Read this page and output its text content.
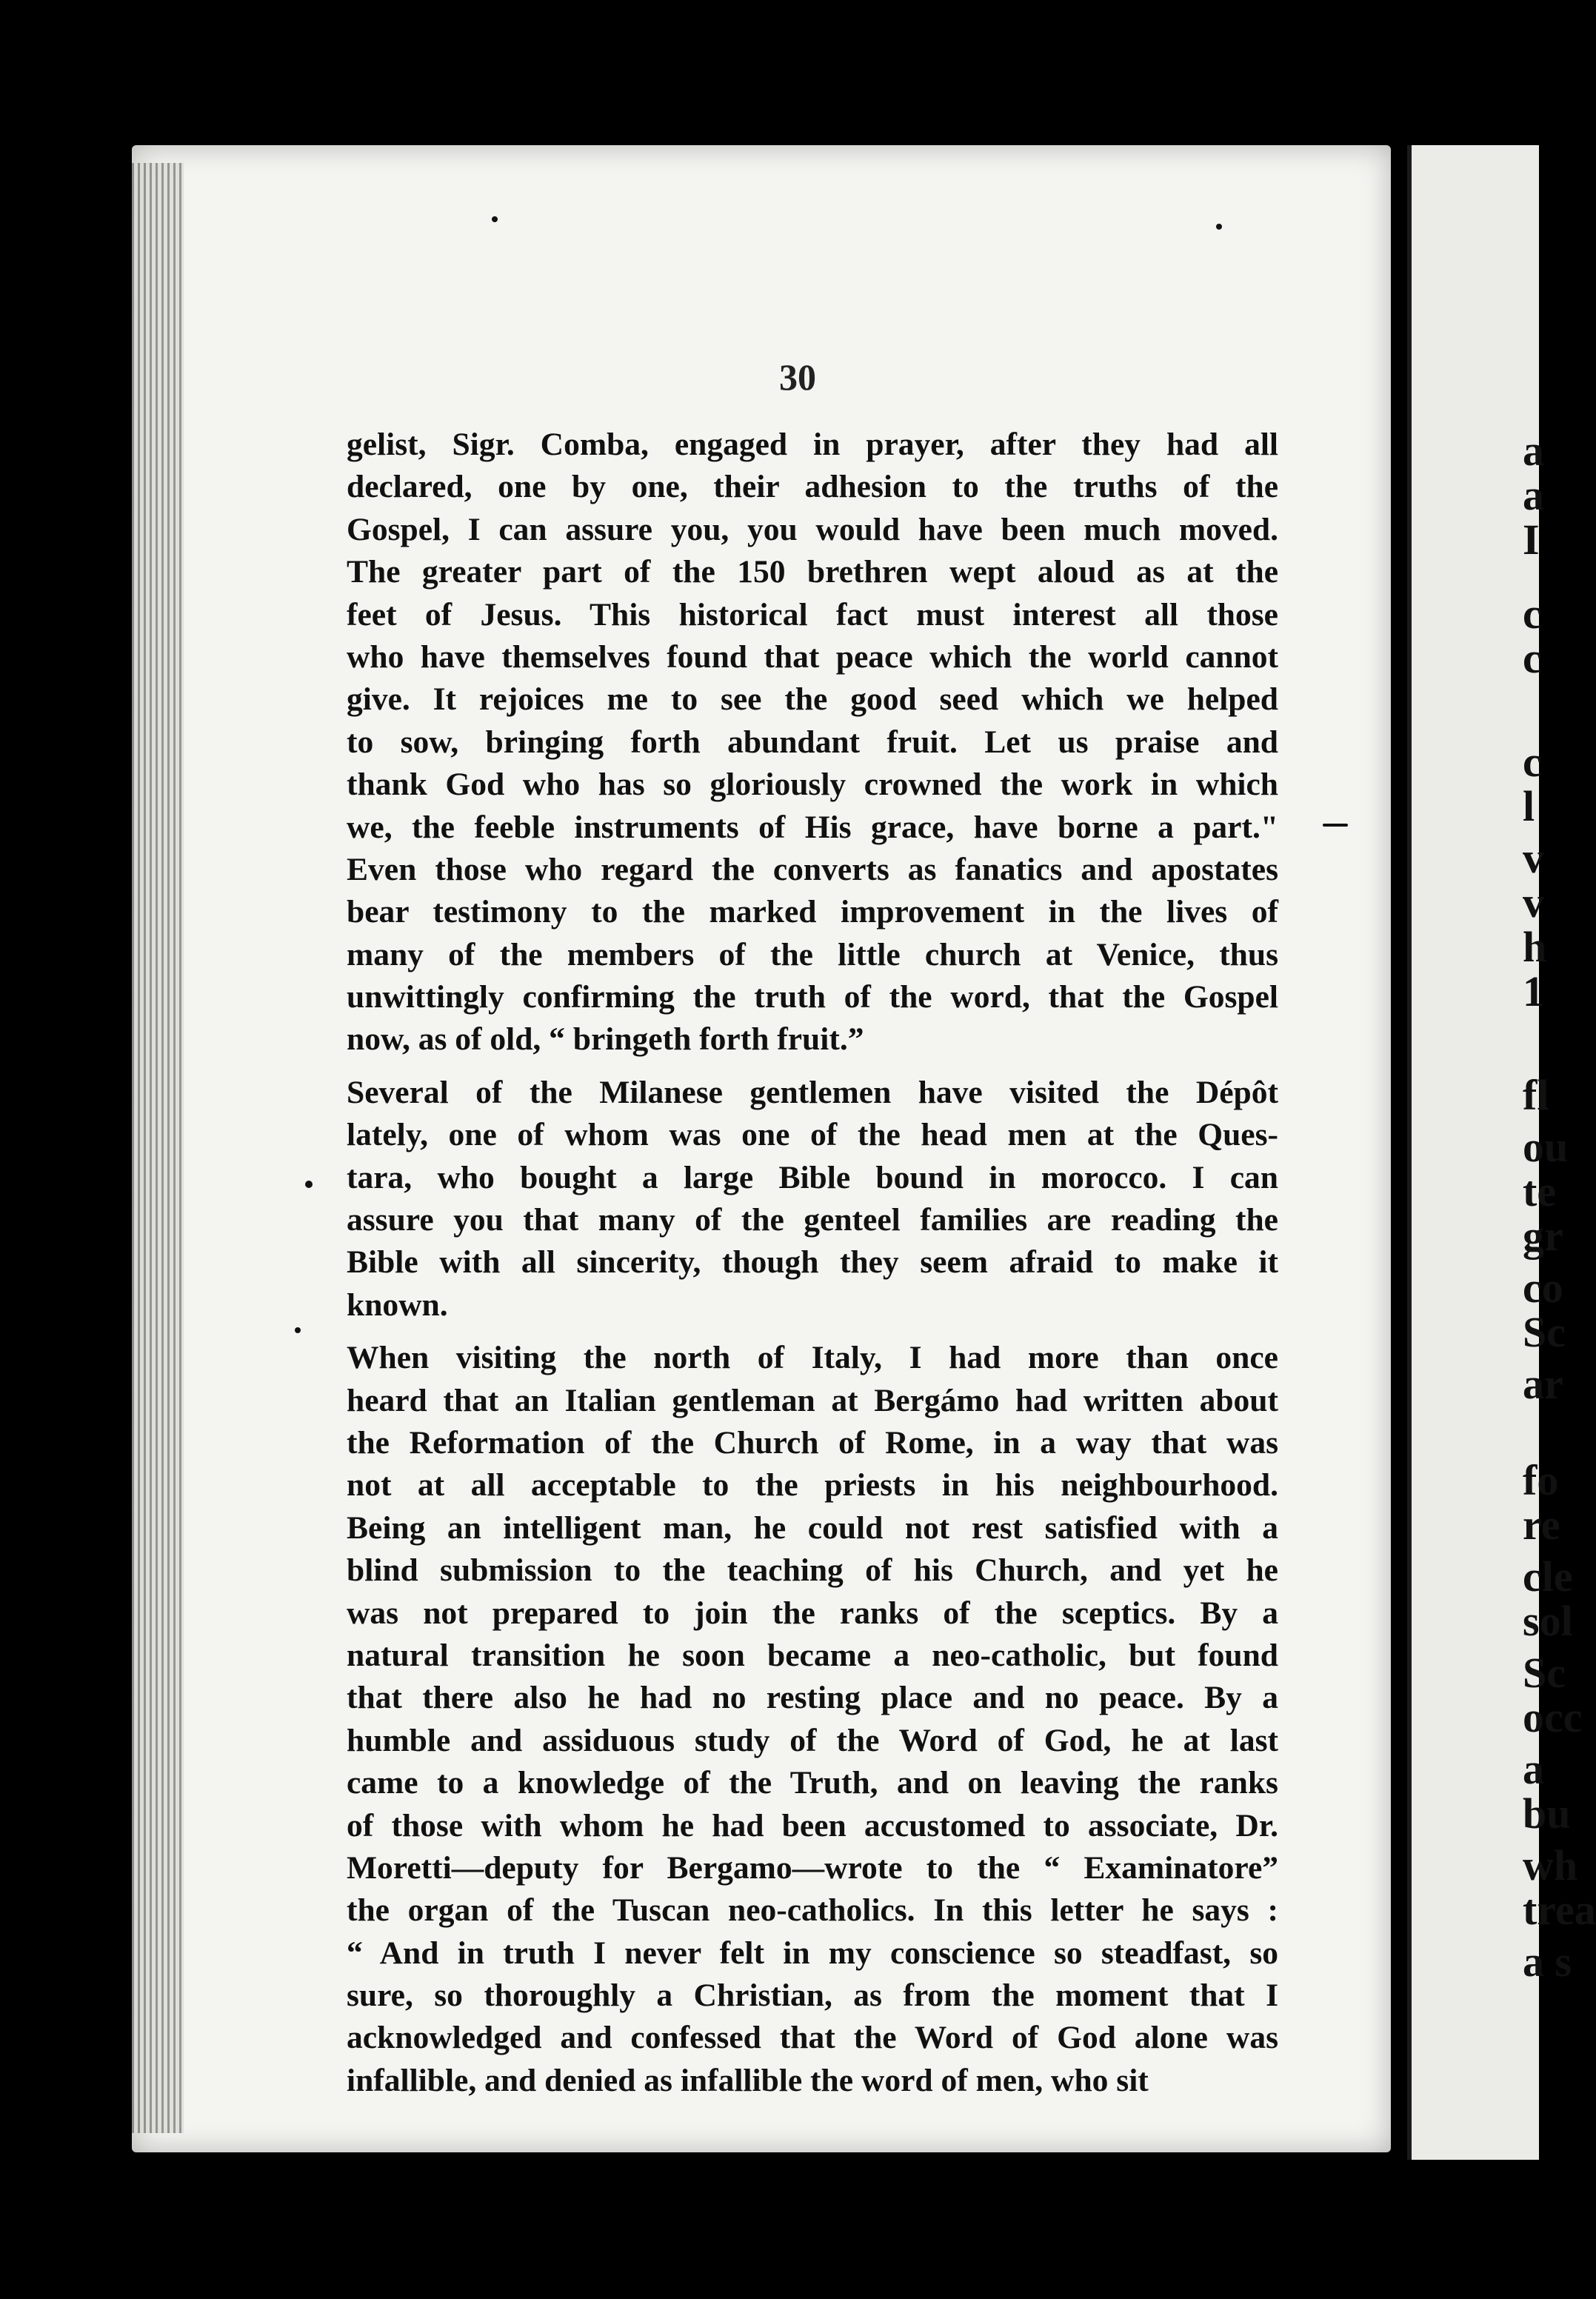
a
a
I
c
c
c
l
v
v
h
1
fl
ou
te
gr
co
Sc
ar
fo
re
cle
sol
Sc
occ
a
bu
wh
trea
a s
30
gelist, Sigr. Comba, engaged in prayer, after they had all
declared, one by one, their adhesion to the truths of the
Gospel, I can assure you, you would have been much moved.
The greater part of the 150 brethren wept aloud as at the
feet of Jesus. This historical fact must interest all those
who have themselves found that peace which the world cannot
give. It rejoices me to see the good seed which we helped
to sow, bringing forth abundant fruit. Let us praise and
thank God who has so gloriously crowned the work in which
we, the feeble instruments of His grace, have borne a part."
Even those who regard the converts as fanatics and apostates
bear testimony to the marked improvement in the lives of
many of the members of the little church at Venice, thus
unwittingly confirming the truth of the word, that the Gospel
now, as of old, “ bringeth forth fruit.”
Several of the Milanese gentlemen have visited the Dépôt
lately, one of whom was one of the head men at the Ques-
tara, who bought a large Bible bound in morocco. I can
assure you that many of the genteel families are reading the
Bible with all sincerity, though they seem afraid to make it
known.
When visiting the north of Italy, I had more than once
heard that an Italian gentleman at Bergámo had written about
the Reformation of the Church of Rome, in a way that was
not at all acceptable to the priests in his neighbourhood.
Being an intelligent man, he could not rest satisfied with a
blind submission to the teaching of his Church, and yet he
was not prepared to join the ranks of the sceptics. By a
natural transition he soon became a neo-catholic, but found
that there also he had no resting place and no peace. By a
humble and assiduous study of the Word of God, he at last
came to a knowledge of the Truth, and on leaving the ranks
of those with whom he had been accustomed to associate, Dr.
Moretti—deputy for Bergamo—wrote to the “ Examinatore”
the organ of the Tuscan neo-catholics. In this letter he says :
“ And in truth I never felt in my conscience so steadfast, so
sure, so thoroughly a Christian, as from the moment that I
acknowledged and confessed that the Word of God alone was
infallible, and denied as infallible the word of men, who sit
